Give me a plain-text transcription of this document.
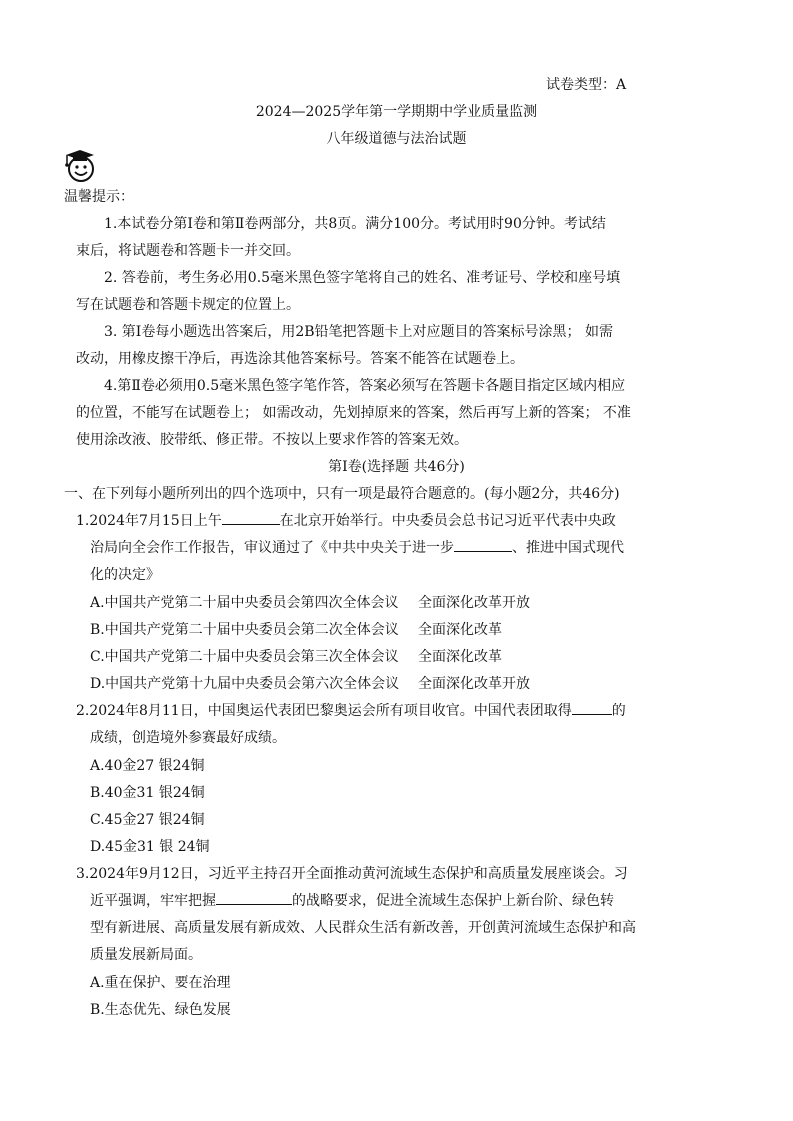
试卷类型：A
2024—2025学年第一学期期中学业质量监测
八年级道德与法治试题
温馨提示：
1.本试卷分第Ⅰ卷和第Ⅱ卷两部分，共8页。满分100分。考试用时90分钟。考试结
束后，将试题卷和答题卡一并交回。
2. 答卷前，考生务必用0.5毫米黑色签字笔将自己的姓名、准考证号、学校和座号填
写在试题卷和答题卡规定的位置上。
3. 第Ⅰ卷每小题选出答案后，用2B铅笔把答题卡上对应题目的答案标号涂黑； 如需
改动，用橡皮擦干净后，再选涂其他答案标号。答案不能答在试题卷上。
4.第Ⅱ卷必须用0.5毫米黑色签字笔作答，答案必须写在答题卡各题目指定区域内相应
的位置，不能写在试题卷上； 如需改动，先划掉原来的答案，然后再写上新的答案； 不准
使用涂改液、胶带纸、修正带。不按以上要求作答的答案无效。
第Ⅰ卷(选择题 共46分)
一、在下列每小题所列出的四个选项中，只有一项是最符合题意的。(每小题2分，共46分)
1.2024年7月15日上午	在北京开始举行。中央委员会总书记习近平代表中央政
治局向全会作工作报告，审议通过了《中共中央关于进一步	、推进中国式现代
化的决定》
A.中国共产党第二十届中央委员会第四次全体会议 全面深化改革开放
B.中国共产党第二十届中央委员会第二次全体会议 全面深化改革
C.中国共产党第二十届中央委员会第三次全体会议 全面深化改革
D.中国共产党第十九届中央委员会第六次全体会议 全面深化改革开放
2.2024年8月11日，中国奥运代表团巴黎奥运会所有项目收官。中国代表团取得	的
成绩，创造境外参赛最好成绩。
A.40金27 银24铜
B.40金31 银24铜
C.45金27 银24铜
D.45金31 银 24铜
3.2024年9月12日，习近平主持召开全面推动黄河流域生态保护和高质量发展座谈会。习
近平强调，牢牢把握	的战略要求，促进全流域生态保护上新台阶、绿色转
型有新进展、高质量发展有新成效、人民群众生活有新改善，开创黄河流域生态保护和高
质量发展新局面。
A.重在保护、要在治理
B.生态优先、绿色发展
